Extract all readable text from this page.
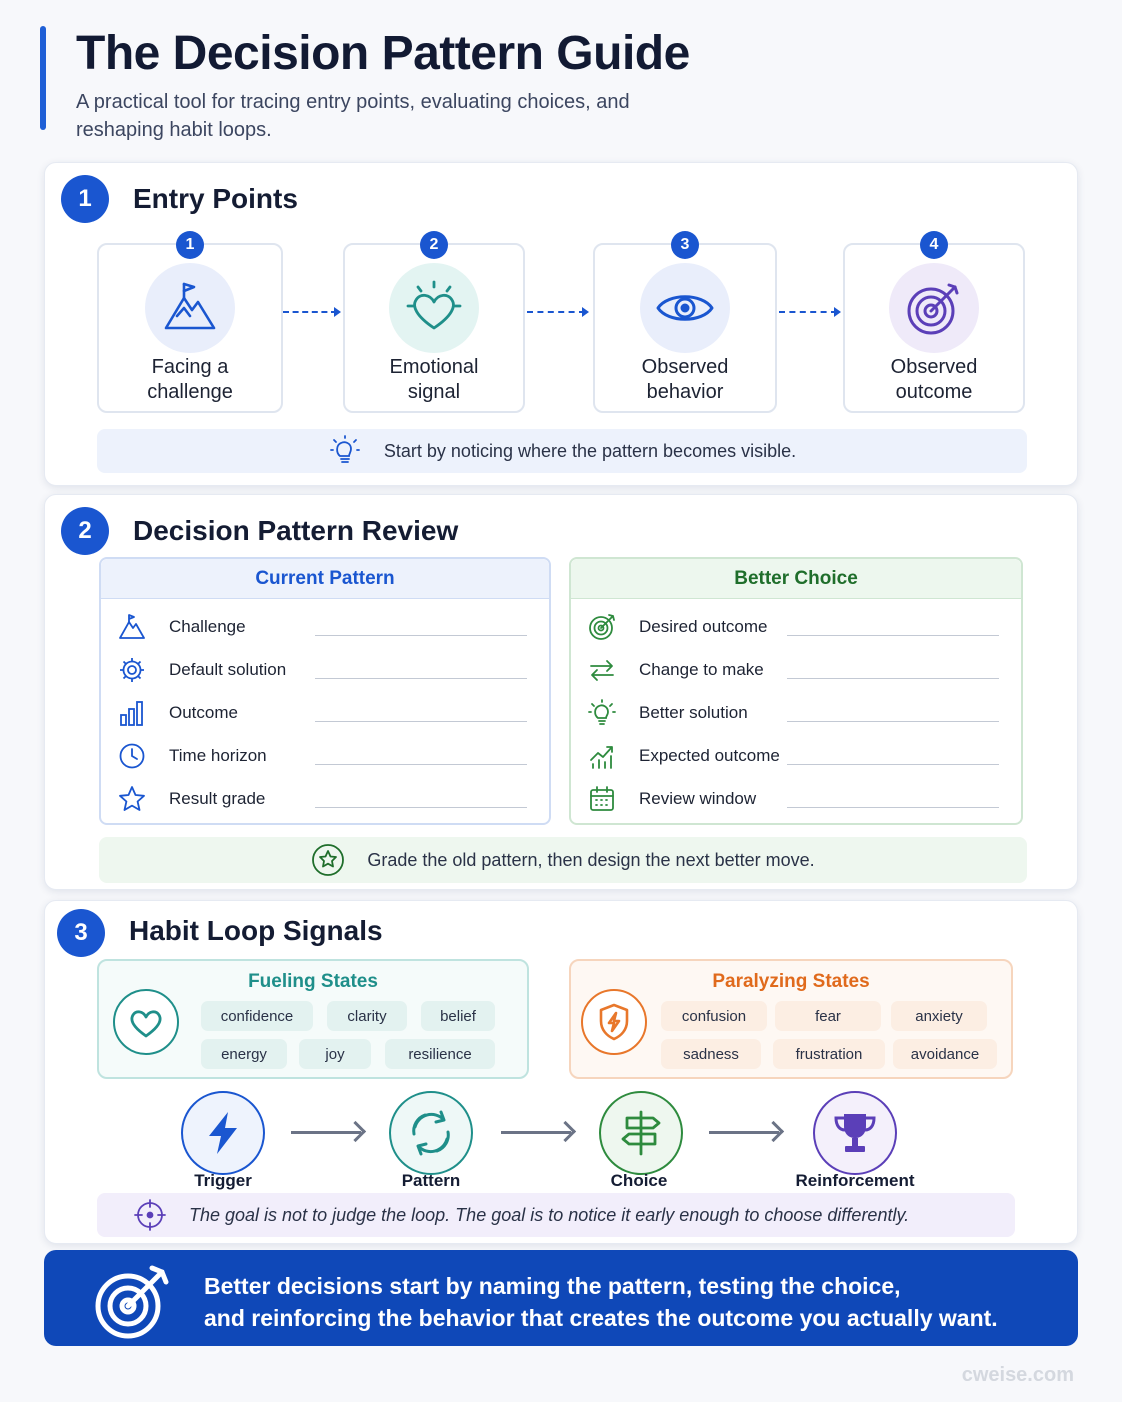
The Decision Pattern Guide

A practical tool for tracing entry points, evaluating choices, and reshaping habit loops.

1	Entry Points
1
Facing a challenge
2
Emotional signal
3
Observed behavior
4
Observed outcome
Start by noticing where the pattern becomes visible.
2	Decision Pattern Review
Current Pattern
Challenge
Default solution
Outcome
Time horizon
Result grade
Better Choice
Desired outcome
Change to make
Better solution
Expected outcome
Review window
Grade the old pattern, then design the next better move.
3	Habit Loop Signals
Fueling States
confidence	clarity	belief
energy	joy	resilience
Paralyzing States
confusion	fear	anxiety
sadness	frustration	avoidance
Trigger	Pattern	Choice	Reinforcement
The goal is not to judge the loop. The goal is to notice it early enough to choose differently.
Better decisions start by naming the pattern, testing the choice,
and reinforcing the behavior that creates the outcome you actually want.
cweise.com
